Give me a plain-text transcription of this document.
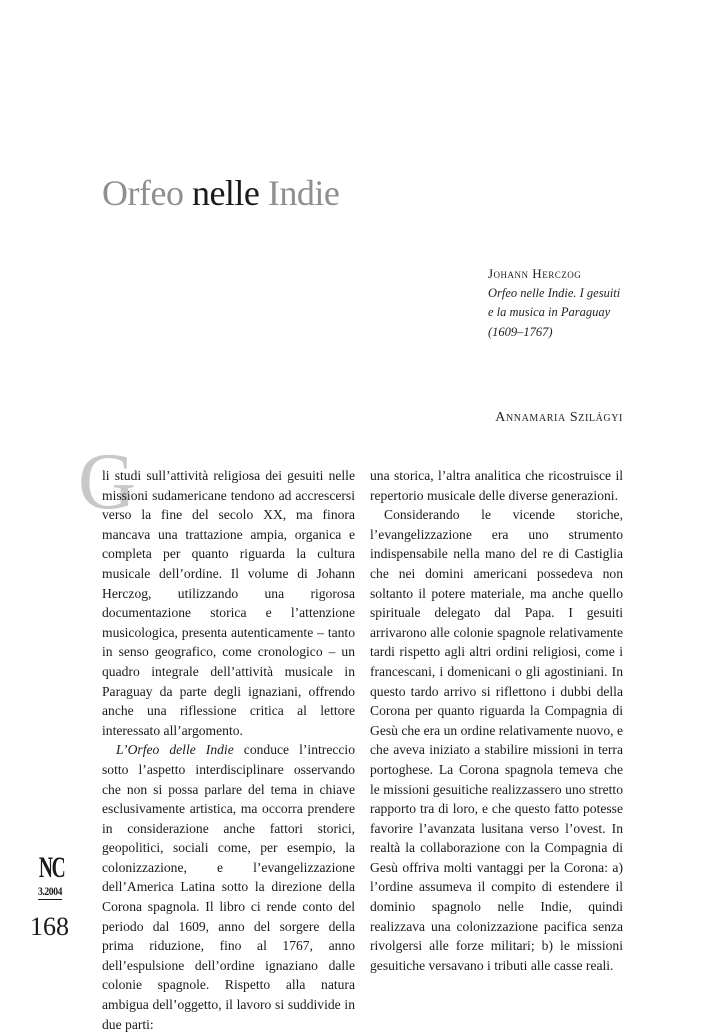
Orfeo nelle Indie
Johann Herczog
Orfeo nelle Indie. I gesuiti
e la musica in Paraguay
(1609–1767)
Annamaria Szilágyi
G

li studi sull’attività religiosa dei gesuiti nelle missioni sudamericane tendono ad accrescersi verso la fine del secolo XX, ma finora mancava una trattazione ampia, organica e completa per quanto riguarda la cultura musicale dell’ordine. Il volume di Johann Herczog, utilizzando una rigorosa documentazione storica e l’attenzione musicologica, presenta autenticamente – tanto in senso geografico, come cronologico – un quadro integrale dell’attività musicale in Paraguay da parte degli ignaziani, offrendo anche una riflessione critica al lettore interessato all’argomento.

L’Orfeo delle Indie conduce l’intreccio sotto l’aspetto interdisciplinare osservando che non si possa parlare del tema in chiave esclusivamente artistica, ma occorra prendere in considerazione anche fattori storici, geopolitici, sociali come, per esempio, la colonizzazione, e l’evangelizzazione dell’America Latina sotto la direzione della Corona spagnola. Il libro ci rende conto del periodo dal 1609, anno del sorgere della prima riduzione, fino al 1767, anno dell’espulsione dell’ordine ignaziano dalle colonie spagnole. Rispetto alla natura ambigua dell’oggetto, il lavoro si suddivide in due parti:

una storica, l’altra analitica che ricostruisce il repertorio musicale delle diverse generazioni.

Considerando le vicende storiche, l’evangelizzazione era uno strumento indispensabile nella mano del re di Castiglia che nei domini americani possedeva non soltanto il potere materiale, ma anche quello spirituale delegato dal Papa. I gesuiti arrivarono alle colonie spagnole relativamente tardi rispetto agli altri ordini religiosi, come i francescani, i domenicani o gli agostiniani. In questo tardo arrivo si riflettono i dubbi della Corona per quanto riguarda la Compagnia di Gesù che era un ordine relativamente nuovo, e che aveva iniziato a stabilire missioni in terra portoghese. La Corona spagnola temeva che le missioni gesuitiche realizzassero uno stretto rapporto tra di loro, e che questo fatto potesse favorire l’avanzata lusitana verso l’ovest. In realtà la collaborazione con la Compagnia di Gesù offriva molti vantaggi per la Corona: a) l’ordine assumeva il compito di estendere il dominio spagnolo nelle Indie, quindi realizzava una colonizzazione pacifica senza rivolgersi alle forze militari; b) le missioni gesuitiche versavano i tributi alle casse reali.

NC
3.2004
168
